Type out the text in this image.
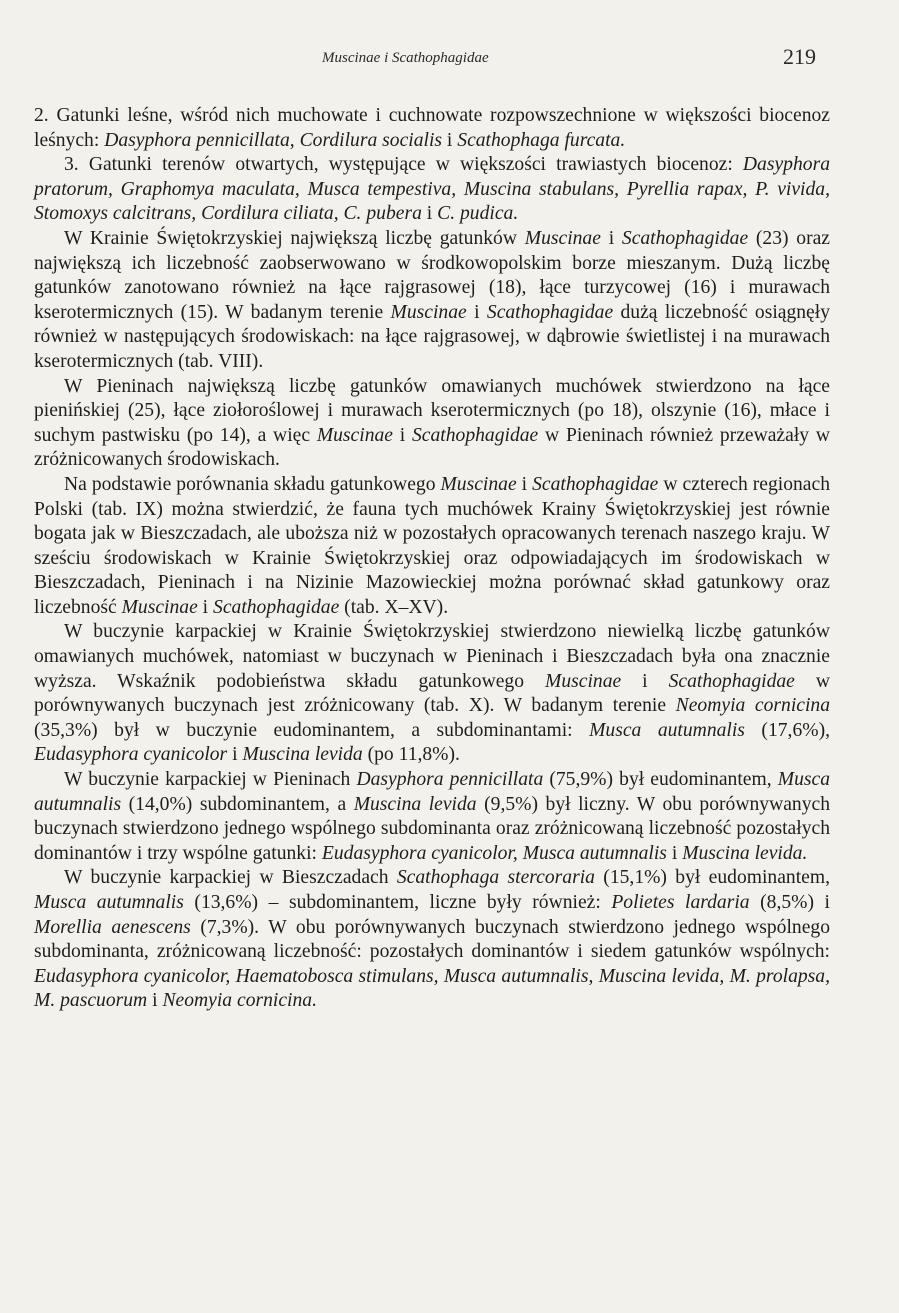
Muscinae i Scathophagidae	219

2. Gatunki leśne, wśród nich muchowate i cuchnowate rozpowszechnione w większości biocenoz leśnych: Dasyphora pennicillata, Cordilura socialis i Scathophaga furcata.

3. Gatunki terenów otwartych, występujące w większości trawiastych biocenoz: Dasyphora pratorum, Graphomya maculata, Musca tempestiva, Muscina stabulans, Pyrellia rapax, P. vivida, Stomoxys calcitrans, Cordilura ciliata, C. pubera i C. pudica.

W Krainie Świętokrzyskiej największą liczbę gatunków Muscinae i Scathophagidae (23) oraz największą ich liczebność zaobserwowano w środkowopolskim borze mieszanym. Dużą liczbę gatunków zanotowano również na łące rajgrasowej (18), łące turzycowej (16) i murawach kserotermicznych (15). W badanym terenie Muscinae i Scathophagidae dużą liczebność osiągnęły również w następujących środowiskach: na łące rajgrasowej, w dąbrowie świetlistej i na murawach kserotermicznych (tab. VIII).

W Pieninach największą liczbę gatunków omawianych muchówek stwierdzono na łące pienińskiej (25), łące ziołoroślowej i murawach kserotermicznych (po 18), olszynie (16), młace i suchym pastwisku (po 14), a więc Muscinae i Scathophagidae w Pieninach również przeważały w zróżnicowanych środowiskach.

Na podstawie porównania składu gatunkowego Muscinae i Scathophagidae w czterech regionach Polski (tab. IX) można stwierdzić, że fauna tych muchówek Krainy Świętokrzyskiej jest równie bogata jak w Bieszczadach, ale uboższa niż w pozostałych opracowanych terenach naszego kraju. W sześciu środowiskach w Krainie Świętokrzyskiej oraz odpowiadających im środowiskach w Bieszczadach, Pieninach i na Nizinie Mazowieckiej można porównać skład gatunkowy oraz liczebność Muscinae i Scathophagidae (tab. X–XV).

W buczynie karpackiej w Krainie Świętokrzyskiej stwierdzono niewielką liczbę gatunków omawianych muchówek, natomiast w buczynach w Pieninach i Bieszczadach była ona znacznie wyższa. Wskaźnik podobieństwa składu gatunkowego Muscinae i Scathophagidae w porównywanych buczynach jest zróżnicowany (tab. X). W badanym terenie Neomyia cornicina (35,3%) był w buczynie eudominantem, a subdominantami: Musca autumnalis (17,6%), Eudasyphora cyanicolor i Muscina levida (po 11,8%).

W buczynie karpackiej w Pieninach Dasyphora pennicillata (75,9%) był eudominantem, Musca autumnalis (14,0%) subdominantem, a Muscina levida (9,5%) był liczny. W obu porównywanych buczynach stwierdzono jednego wspólnego subdominanta oraz zróżnicowaną liczebność pozostałych dominantów i trzy wspólne gatunki: Eudasyphora cyanicolor, Musca autumnalis i Muscina levida.

W buczynie karpackiej w Bieszczadach Scathophaga stercoraria (15,1%) był eudominantem, Musca autumnalis (13,6%) – subdominantem, liczne były również: Polietes lardaria (8,5%) i Morellia aenescens (7,3%). W obu porównywanych buczynach stwierdzono jednego wspólnego subdominanta, zróżnicowaną liczebność: pozostałych dominantów i siedem gatunków wspólnych: Eudasyphora cyanicolor, Haematobosca stimulans, Musca autumnalis, Muscina levida, M. prolapsa, M. pascuorum i Neomyia cornicina.
